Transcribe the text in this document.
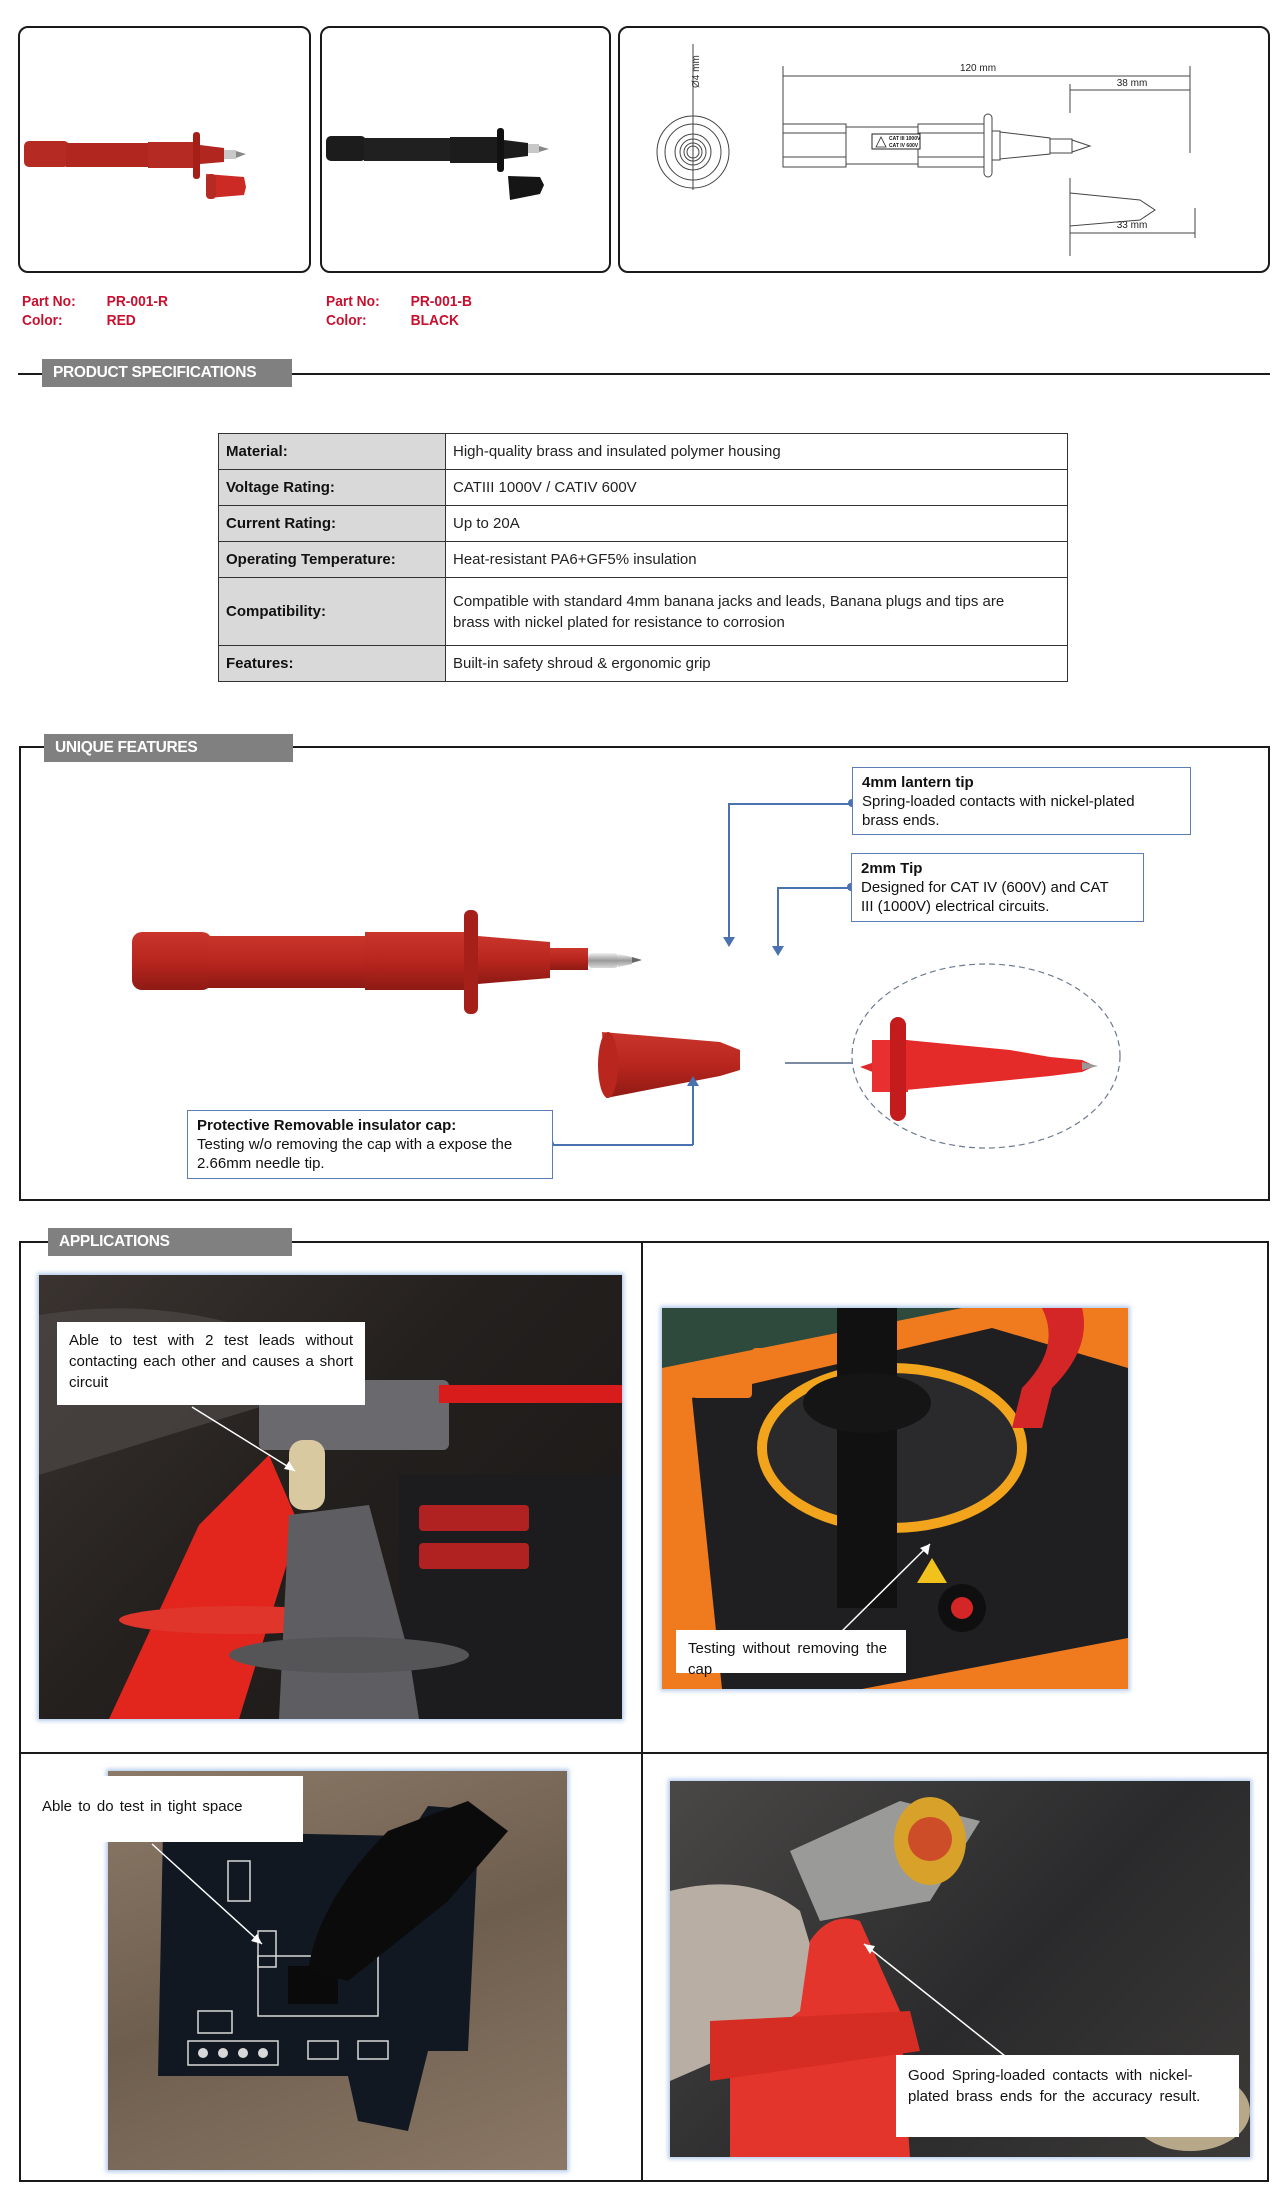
Ø4 mm	120 mm
38 mm
33 mm
CAT III 1000V
CAT IV 600V
Part No:	PR-001-R
Color:	RED
Part No:	PR-001-B
Color:	BLACK
PRODUCT SPECIFICATIONS
Material:	High-quality brass and insulated polymer housing
Voltage Rating:	CATIII 1000V / CATIV 600V
Current Rating:	Up to 20A
Operating Temperature:	Heat-resistant PA6+GF5% insulation
Compatibility:	Compatible with standard 4mm banana jacks and leads, Banana plugs and tips are
brass with nickel plated for resistance to corrosion

Features:	Built-in safety shroud & ergonomic grip
UNIQUE FEATURES
4mm lantern tip
Spring-loaded contacts with nickel-plated
brass ends.
2mm Tip
Designed for CAT IV (600V) and CAT
III (1000V) electrical circuits.
Protective Removable insulator cap:
Testing w/o removing the cap with a expose the
2.66mm needle tip.
APPLICATIONS
Able to test with 2 test leads without contacting each other and causes a short circuit
Testing without removing the cap
Able to do test in tight space
Good Spring-loaded contacts with nickel-plated brass ends for the accuracy result.
